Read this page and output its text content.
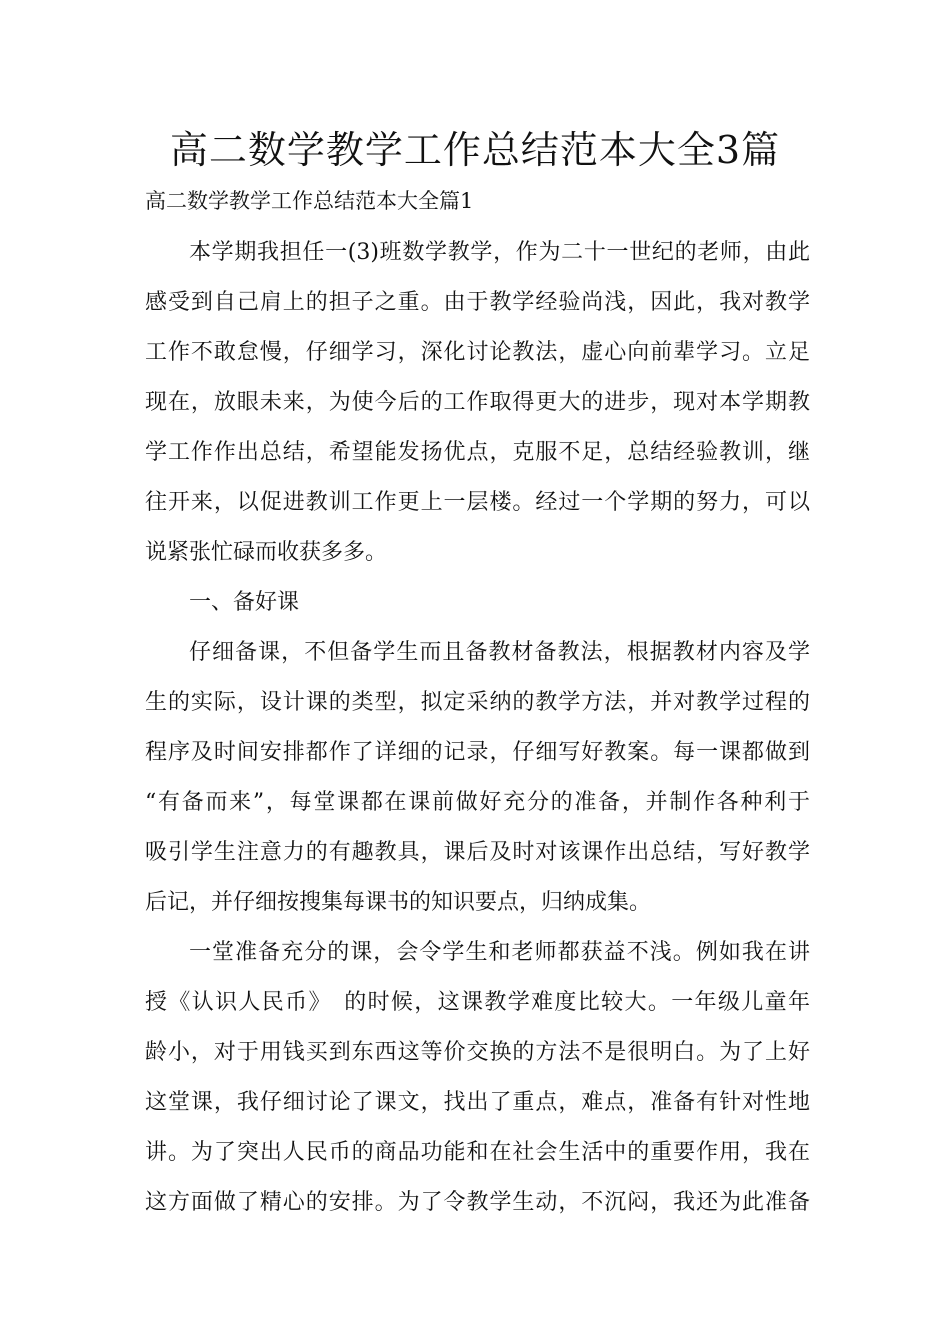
高二数学教学工作总结范本大全3篇

高二数学教学工作总结范本大全篇1

本学期我担任一(3)班数学教学，作为二十一世纪的老师，由此

感受到自己肩上的担子之重。由于教学经验尚浅，因此，我对教学

工作不敢怠慢，仔细学习，深化讨论教法，虚心向前辈学习。立足

现在，放眼未来，为使今后的工作取得更大的进步，现对本学期教

学工作作出总结，希望能发扬优点，克服不足，总结经验教训，继

往开来，以促进教训工作更上一层楼。经过一个学期的努力，可以

说紧张忙碌而收获多多。

一、备好课

仔细备课，不但备学生而且备教材备教法，根据教材内容及学

生的实际，设计课的类型，拟定采纳的教学方法，并对教学过程的

程序及时间安排都作了详细的记录，仔细写好教案。每一课都做到

“有备而来”，每堂课都在课前做好充分的准备，并制作各种利于

吸引学生注意力的有趣教具，课后及时对该课作出总结，写好教学

后记，并仔细按搜集每课书的知识要点，归纳成集。

一堂准备充分的课，会令学生和老师都获益不浅。例如我在讲

授《认识人民币》　的时候，这课教学难度比较大。一年级儿童年

龄小，对于用钱买到东西这等价交换的方法不是很明白。为了上好

这堂课，我仔细讨论了课文，找出了重点，难点，准备有针对性地

讲。为了突出人民币的商品功能和在社会生活中的重要作用，我在

这方面做了精心的安排。为了令教学生动，不沉闷，我还为此准备
